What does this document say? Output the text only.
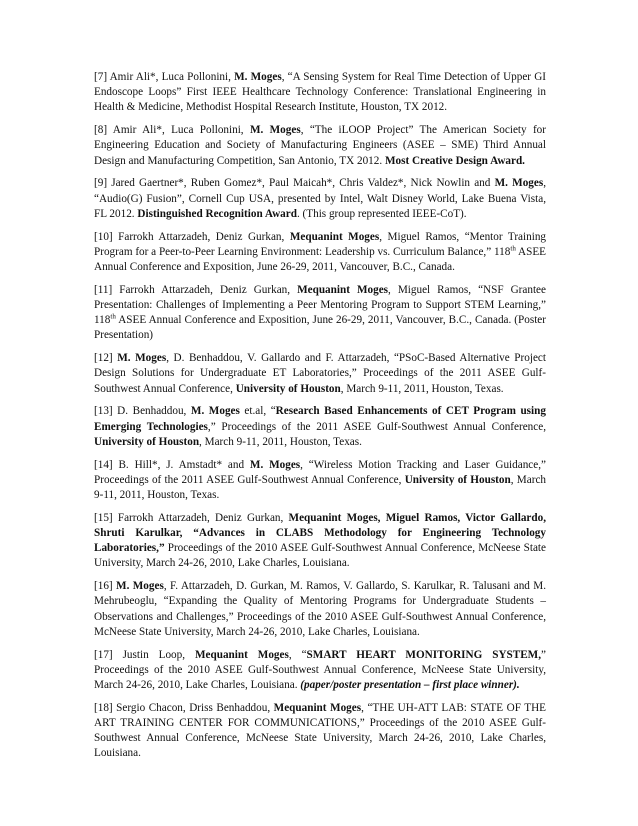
[7] Amir Ali*, Luca Pollonini, M. Moges, “A Sensing System for Real Time Detection of Upper GI Endoscope Loops” First IEEE Healthcare Technology Conference: Translational Engineering in Health & Medicine, Methodist Hospital Research Institute, Houston, TX 2012.

[8] Amir Ali*, Luca Pollonini, M. Moges, “The iLOOP Project” The American Society for Engineering Education and Society of Manufacturing Engineers (ASEE – SME) Third Annual Design and Manufacturing Competition, San Antonio, TX 2012. Most Creative Design Award.

[9] Jared Gaertner*, Ruben Gomez*, Paul Maicah*, Chris Valdez*, Nick Nowlin and M. Moges, “Audio(G) Fusion”, Cornell Cup USA, presented by Intel, Walt Disney World, Lake Buena Vista, FL 2012. Distinguished Recognition Award. (This group represented IEEE-CoT).

[10] Farrokh Attarzadeh, Deniz Gurkan, Mequanint Moges, Miguel Ramos, “Mentor Training Program for a Peer-to-Peer Learning Environment: Leadership vs. Curriculum Balance,” 118th ASEE Annual Conference and Exposition, June 26-29, 2011, Vancouver, B.C., Canada.

[11] Farrokh Attarzadeh, Deniz Gurkan, Mequanint Moges, Miguel Ramos, “NSF Grantee Presentation: Challenges of Implementing a Peer Mentoring Program to Support STEM Learning,” 118th ASEE Annual Conference and Exposition, June 26-29, 2011, Vancouver, B.C., Canada. (Poster Presentation)

[12] M. Moges, D. Benhaddou, V. Gallardo and F. Attarzadeh, “PSoC-Based Alternative Project Design Solutions for Undergraduate ET Laboratories,” Proceedings of the 2011 ASEE Gulf-Southwest Annual Conference, University of Houston, March 9-11, 2011, Houston, Texas.

[13] D. Benhaddou, M. Moges et.al, “Research Based Enhancements of CET Program using Emerging Technologies,” Proceedings of the 2011 ASEE Gulf-Southwest Annual Conference, University of Houston, March 9-11, 2011, Houston, Texas.

[14] B. Hill*, J. Amstadt* and M. Moges, “Wireless Motion Tracking and Laser Guidance,” Proceedings of the 2011 ASEE Gulf-Southwest Annual Conference, University of Houston, March 9-11, 2011, Houston, Texas.

[15] Farrokh Attarzadeh, Deniz Gurkan, Mequanint Moges, Miguel Ramos, Victor Gallardo, Shruti Karulkar, “Advances in CLABS Methodology for Engineering Technology Laboratories,” Proceedings of the 2010 ASEE Gulf-Southwest Annual Conference, McNeese State University, March 24-26, 2010, Lake Charles, Louisiana.

[16] M. Moges, F. Attarzadeh, D. Gurkan, M. Ramos, V. Gallardo, S. Karulkar, R. Talusani and M. Mehrubeoglu, “Expanding the Quality of Mentoring Programs for Undergraduate Students – Observations and Challenges,” Proceedings of the 2010 ASEE Gulf-Southwest Annual Conference, McNeese State University, March 24-26, 2010, Lake Charles, Louisiana.

[17] Justin Loop, Mequanint Moges, “SMART HEART MONITORING SYSTEM,” Proceedings of the 2010 ASEE Gulf-Southwest Annual Conference, McNeese State University, March 24-26, 2010, Lake Charles, Louisiana. (paper/poster presentation – first place winner).

[18] Sergio Chacon, Driss Benhaddou, Mequanint Moges, “THE UH-ATT LAB: STATE OF THE ART TRAINING CENTER FOR COMMUNICATIONS,” Proceedings of the 2010 ASEE Gulf-Southwest Annual Conference, McNeese State University, March 24-26, 2010, Lake Charles, Louisiana.
